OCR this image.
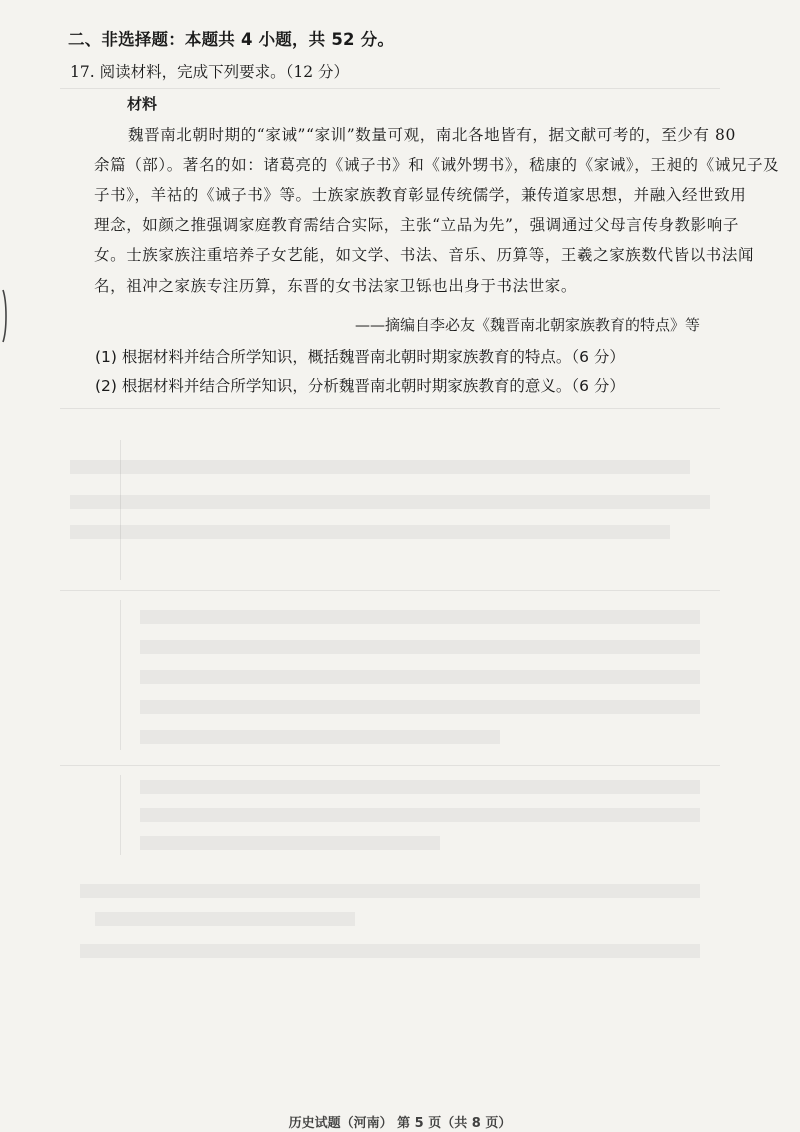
二、非选择题：本题共 4 小题，共 52 分。
17. 阅读材料，完成下列要求。（12 分）
材料
魏晋南北朝时期的“家诫”“家训”数量可观，南北各地皆有，据文献可考的，至少有 80
余篇（部）。著名的如：诸葛亮的《诫子书》和《诫外甥书》，嵇康的《家诫》，王昶的《诫兄子及
子书》，羊祜的《诫子书》等。士族家族教育彰显传统儒学，兼传道家思想，并融入经世致用
理念，如颜之推强调家庭教育需结合实际，主张“立品为先”，强调通过父母言传身教影响子
女。士族家族注重培养子女艺能，如文学、书法、音乐、历算等，王羲之家族数代皆以书法闻
名，祖冲之家族专注历算，东晋的女书法家卫铄也出身于书法世家。
——摘编自李必友《魏晋南北朝家族教育的特点》等
(1) 根据材料并结合所学知识，概括魏晋南北朝时期家族教育的特点。（6 分）
(2) 根据材料并结合所学知识，分析魏晋南北朝时期家族教育的意义。（6 分）
历史试题（河南） 第 5 页（共 8 页）
